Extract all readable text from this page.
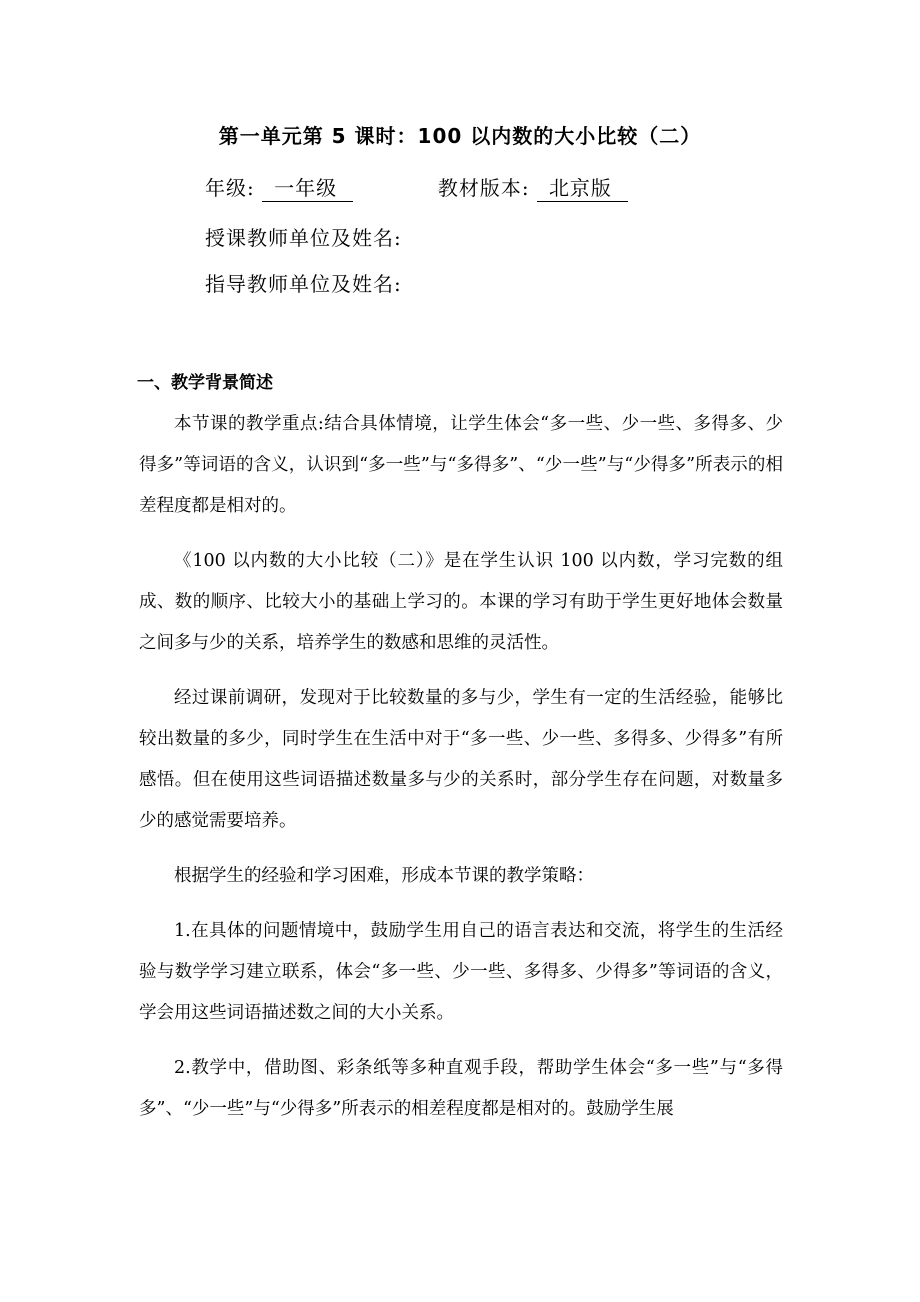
第一单元第 5 课时：100 以内数的大小比较（二）
年级: 一年级	教材版本: 北京版
授课教师单位及姓名:
指导教师单位及姓名:
一、教学背景简述

本节课的教学重点:结合具体情境，让学生体会“多一些、少一些、多得多、少得多”等词语的含义，认识到“多一些”与“多得多”、“少一些”与“少得多”所表示的相差程度都是相对的。

《100 以内数的大小比较（二）》是在学生认识 100 以内数，学习完数的组成、数的顺序、比较大小的基础上学习的。本课的学习有助于学生更好地体会数量之间多与少的关系，培养学生的数感和思维的灵活性。

经过课前调研，发现对于比较数量的多与少，学生有一定的生活经验，能够比较出数量的多少，同时学生在生活中对于“多一些、少一些、多得多、少得多”有所感悟。但在使用这些词语描述数量多与少的关系时，部分学生存在问题，对数量多少的感觉需要培养。

根据学生的经验和学习困难，形成本节课的教学策略：

1.在具体的问题情境中，鼓励学生用自己的语言表达和交流，将学生的生活经验与数学学习建立联系，体会“多一些、少一些、多得多、少得多”等词语的含义，学会用这些词语描述数之间的大小关系。

2.教学中，借助图、彩条纸等多种直观手段，帮助学生体会“多一些”与“多得多”、“少一些”与“少得多”所表示的相差程度都是相对的。鼓励学生展
